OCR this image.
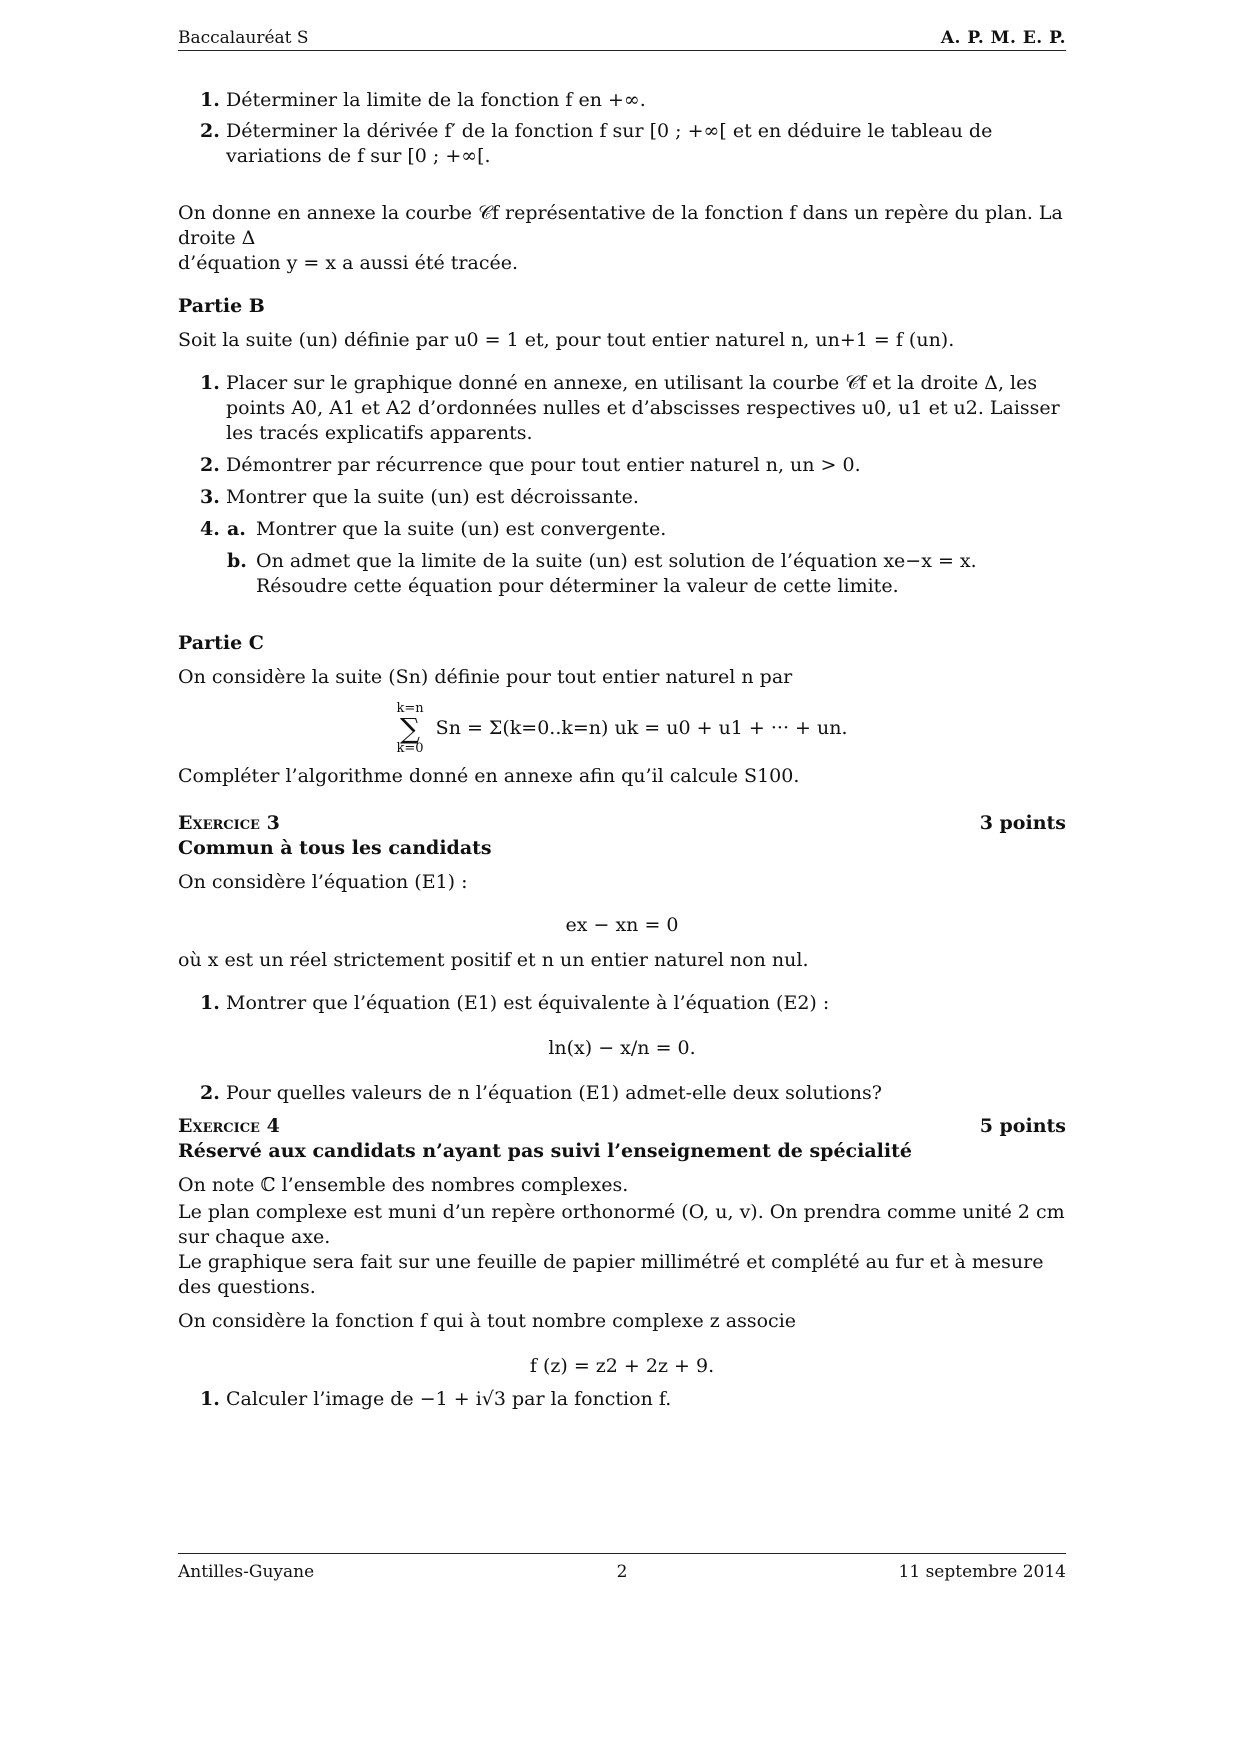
Baccalauréat S	A. P. M. E. P.
1. Déterminer la limite de la fonction f en +∞.

2. Déterminer la dérivée f′ de la fonction f sur [0 ; +∞[ et en déduire le tableau de variations de f sur [0 ; +∞[.

On donne en annexe la courbe 𝒞f représentative de la fonction f dans un repère du plan. La droite Δ

d’équation y = x a aussi été tracée.

Partie B

Soit la suite (un) définie par u0 = 1 et, pour tout entier naturel n, un+1 = f (un).

1. Placer sur le graphique donné en annexe, en utilisant la courbe 𝒞f et la droite Δ, les points A0, A1 et A2 d’ordonnées nulles et d’abscisses respectives u0, u1 et u2. Laisser les tracés explicatifs apparents.

2. Démontrer par récurrence que pour tout entier naturel n, un > 0.

3. Montrer que la suite (un) est décroissante.

4. a. Montrer que la suite (un) est convergente.

b. On admet que la limite de la suite (un) est solution de l’équation xe−x = x.

Résoudre cette équation pour déterminer la valeur de cette limite.

Partie C

On considère la suite (Sn) définie pour tout entier naturel n par

k=n
∑
k=0
Sn = Σ(k=0..k=n) uk = u0 + u1 + ··· + un.

Compléter l’algorithme donné en annexe afin qu’il calcule S100.

Exercice 3	3 points

Commun à tous les candidats

On considère l’équation (E1) :

ex − xn = 0

où x est un réel strictement positif et n un entier naturel non nul.

1. Montrer que l’équation (E1) est équivalente à l’équation (E2) :

ln(x) − x/n = 0.

2. Pour quelles valeurs de n l’équation (E1) admet-elle deux solutions?

Exercice 4	5 points

Réservé aux candidats n’ayant pas suivi l’enseignement de spécialité

On note ℂ l’ensemble des nombres complexes.

Le plan complexe est muni d’un repère orthonormé (O, u, v). On prendra comme unité 2 cm sur chaque axe.

Le graphique sera fait sur une feuille de papier millimétré et complété au fur et à mesure des questions.

On considère la fonction f qui à tout nombre complexe z associe

f (z) = z2 + 2z + 9.

1. Calculer l’image de −1 + i√3 par la fonction f.

Antilles-Guyane	2	11 septembre 2014
